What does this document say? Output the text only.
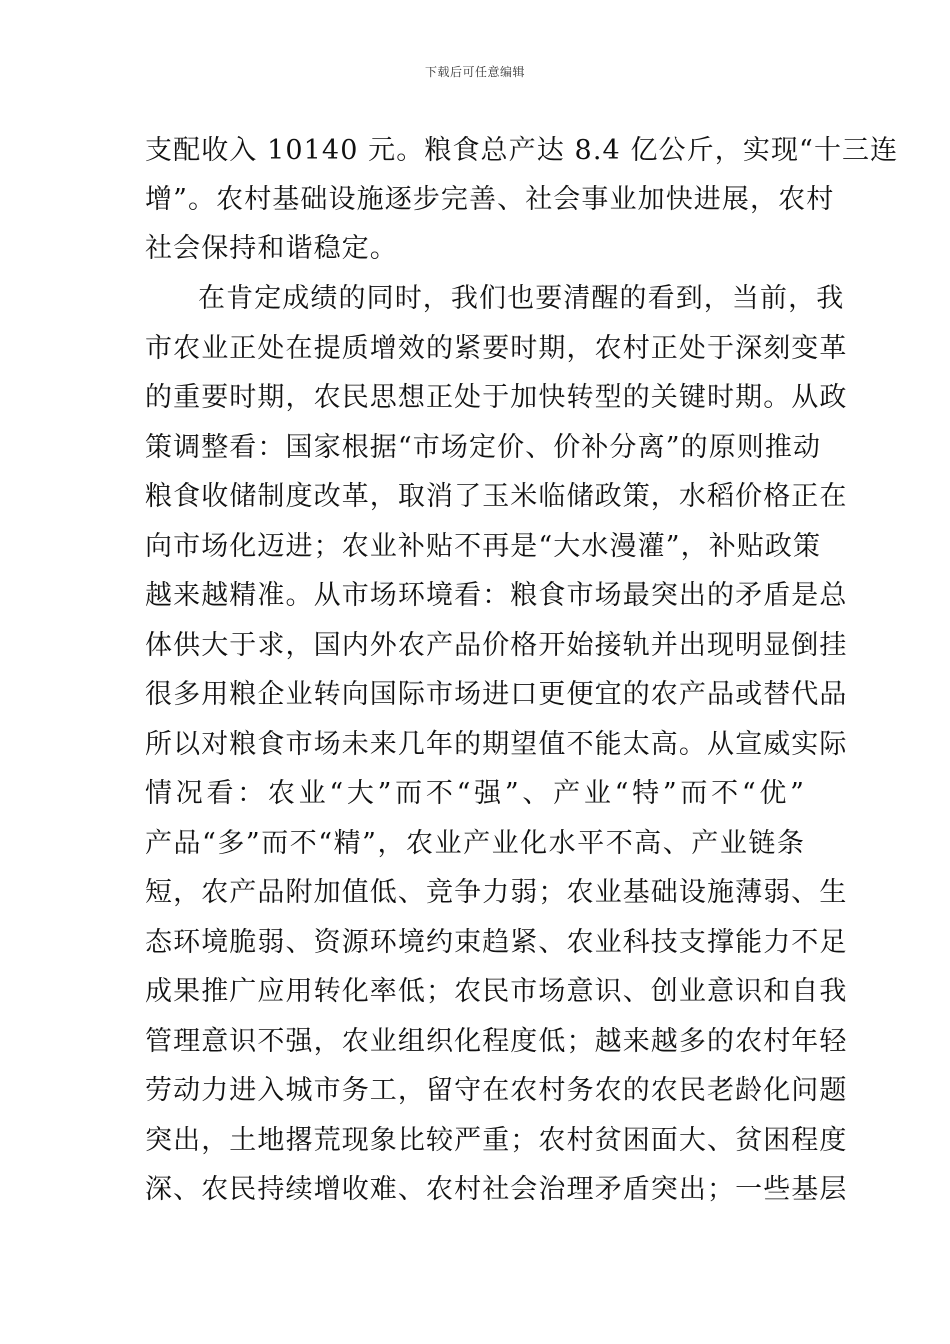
下载后可任意编辑
支配收入 10140 元。粮食总产达 8.4 亿公斤，实现“十三连
增”。农村基础设施逐步完善、社会事业加快进展，农村
社会保持和谐稳定。
在肯定成绩的同时，我们也要清醒的看到，当前，我
市农业正处在提质增效的紧要时期，农村正处于深刻变革
的重要时期，农民思想正处于加快转型的关键时期。从政
策调整看：国家根据“市场定价、价补分离”的原则推动
粮食收储制度改革，取消了玉米临储政策，水稻价格正在
向市场化迈进；农业补贴不再是“大水漫灌”，补贴政策
越来越精准。从市场环境看：粮食市场最突出的矛盾是总
体供大于求，国内外农产品价格开始接轨并出现明显倒挂
很多用粮企业转向国际市场进口更便宜的农产品或替代品
所以对粮食市场未来几年的期望值不能太高。从宣威实际
情况看：农业“大”而不“强”、产业“特”而不“优”
产品“多”而不“精”，农业产业化水平不高、产业链条
短，农产品附加值低、竞争力弱；农业基础设施薄弱、生
态环境脆弱、资源环境约束趋紧、农业科技支撑能力不足
成果推广应用转化率低；农民市场意识、创业意识和自我
管理意识不强，农业组织化程度低；越来越多的农村年轻
劳动力进入城市务工，留守在农村务农的农民老龄化问题
突出，土地撂荒现象比较严重；农村贫困面大、贫困程度
深、农民持续增收难、农村社会治理矛盾突出；一些基层
